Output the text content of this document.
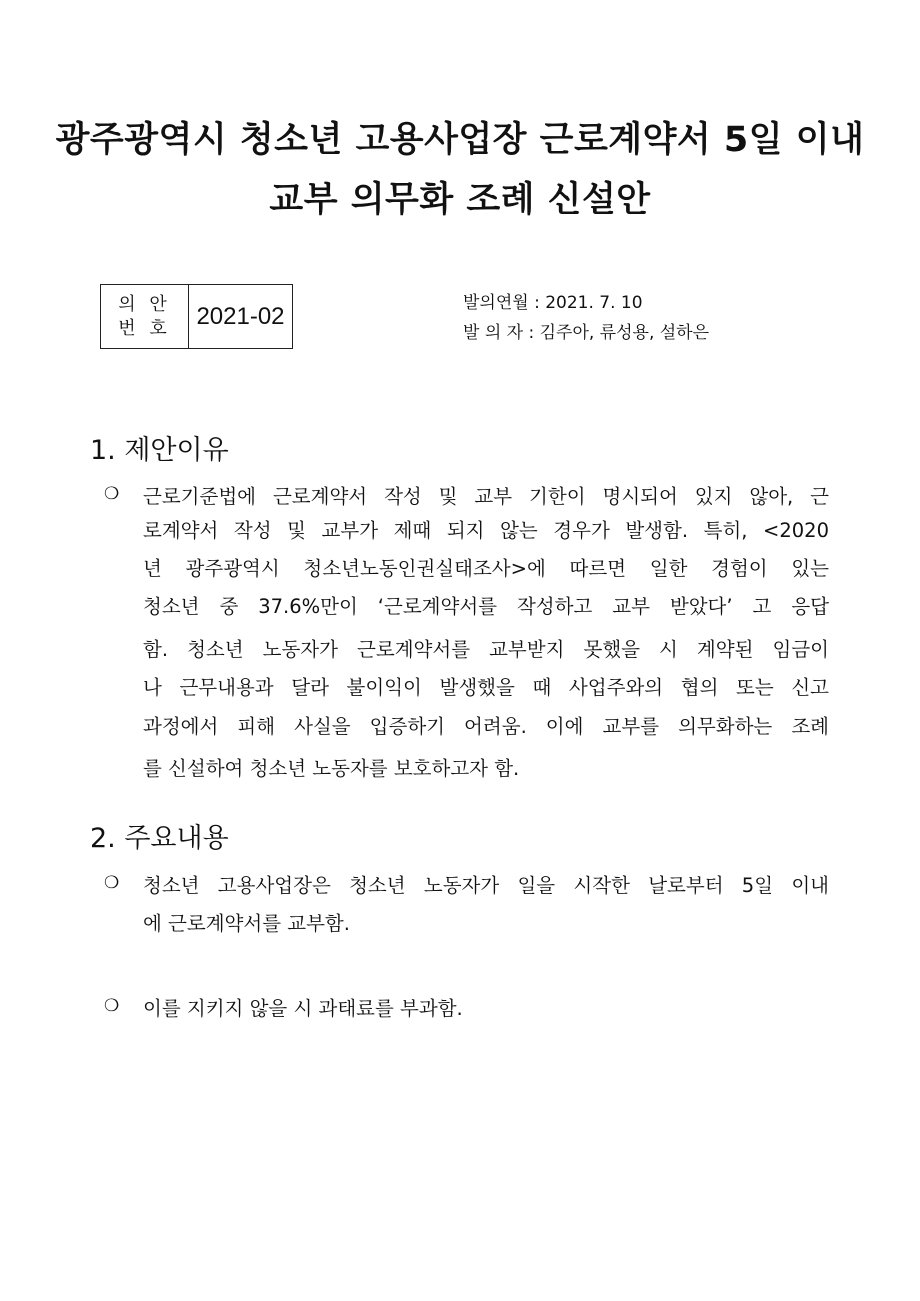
광주광역시 청소년 고용사업장 근로계약서 5일 이내
교부 의무화 조례 신설안
의 안
번 호	2021-02	발의연월 : 2021. 7. 10
발 의 자 : 김주아, 류성용, 설하은
1. 제안이유
❍ 근로기준법에 근로계약서 작성 및 교부 기한이 명시되어 있지 않아, 근
로계약서 작성 및 교부가 제때 되지 않는 경우가 발생함. 특히, <2020
년 광주광역시 청소년노동인권실태조사>에 따르면 일한 경험이 있는
청소년 중 37.6%만이 ‘근로계약서를 작성하고 교부 받았다’ 고 응답
함. 청소년 노동자가 근로계약서를 교부받지 못했을 시 계약된 임금이
나 근무내용과 달라 불이익이 발생했을 때 사업주와의 협의 또는 신고
과정에서 피해 사실을 입증하기 어려움. 이에 교부를 의무화하는 조례
를 신설하여 청소년 노동자를 보호하고자 함.
2. 주요내용
❍ 청소년 고용사업장은 청소년 노동자가 일을 시작한 날로부터 5일 이내
에 근로계약서를 교부함.
❍ 이를 지키지 않을 시 과태료를 부과함.
